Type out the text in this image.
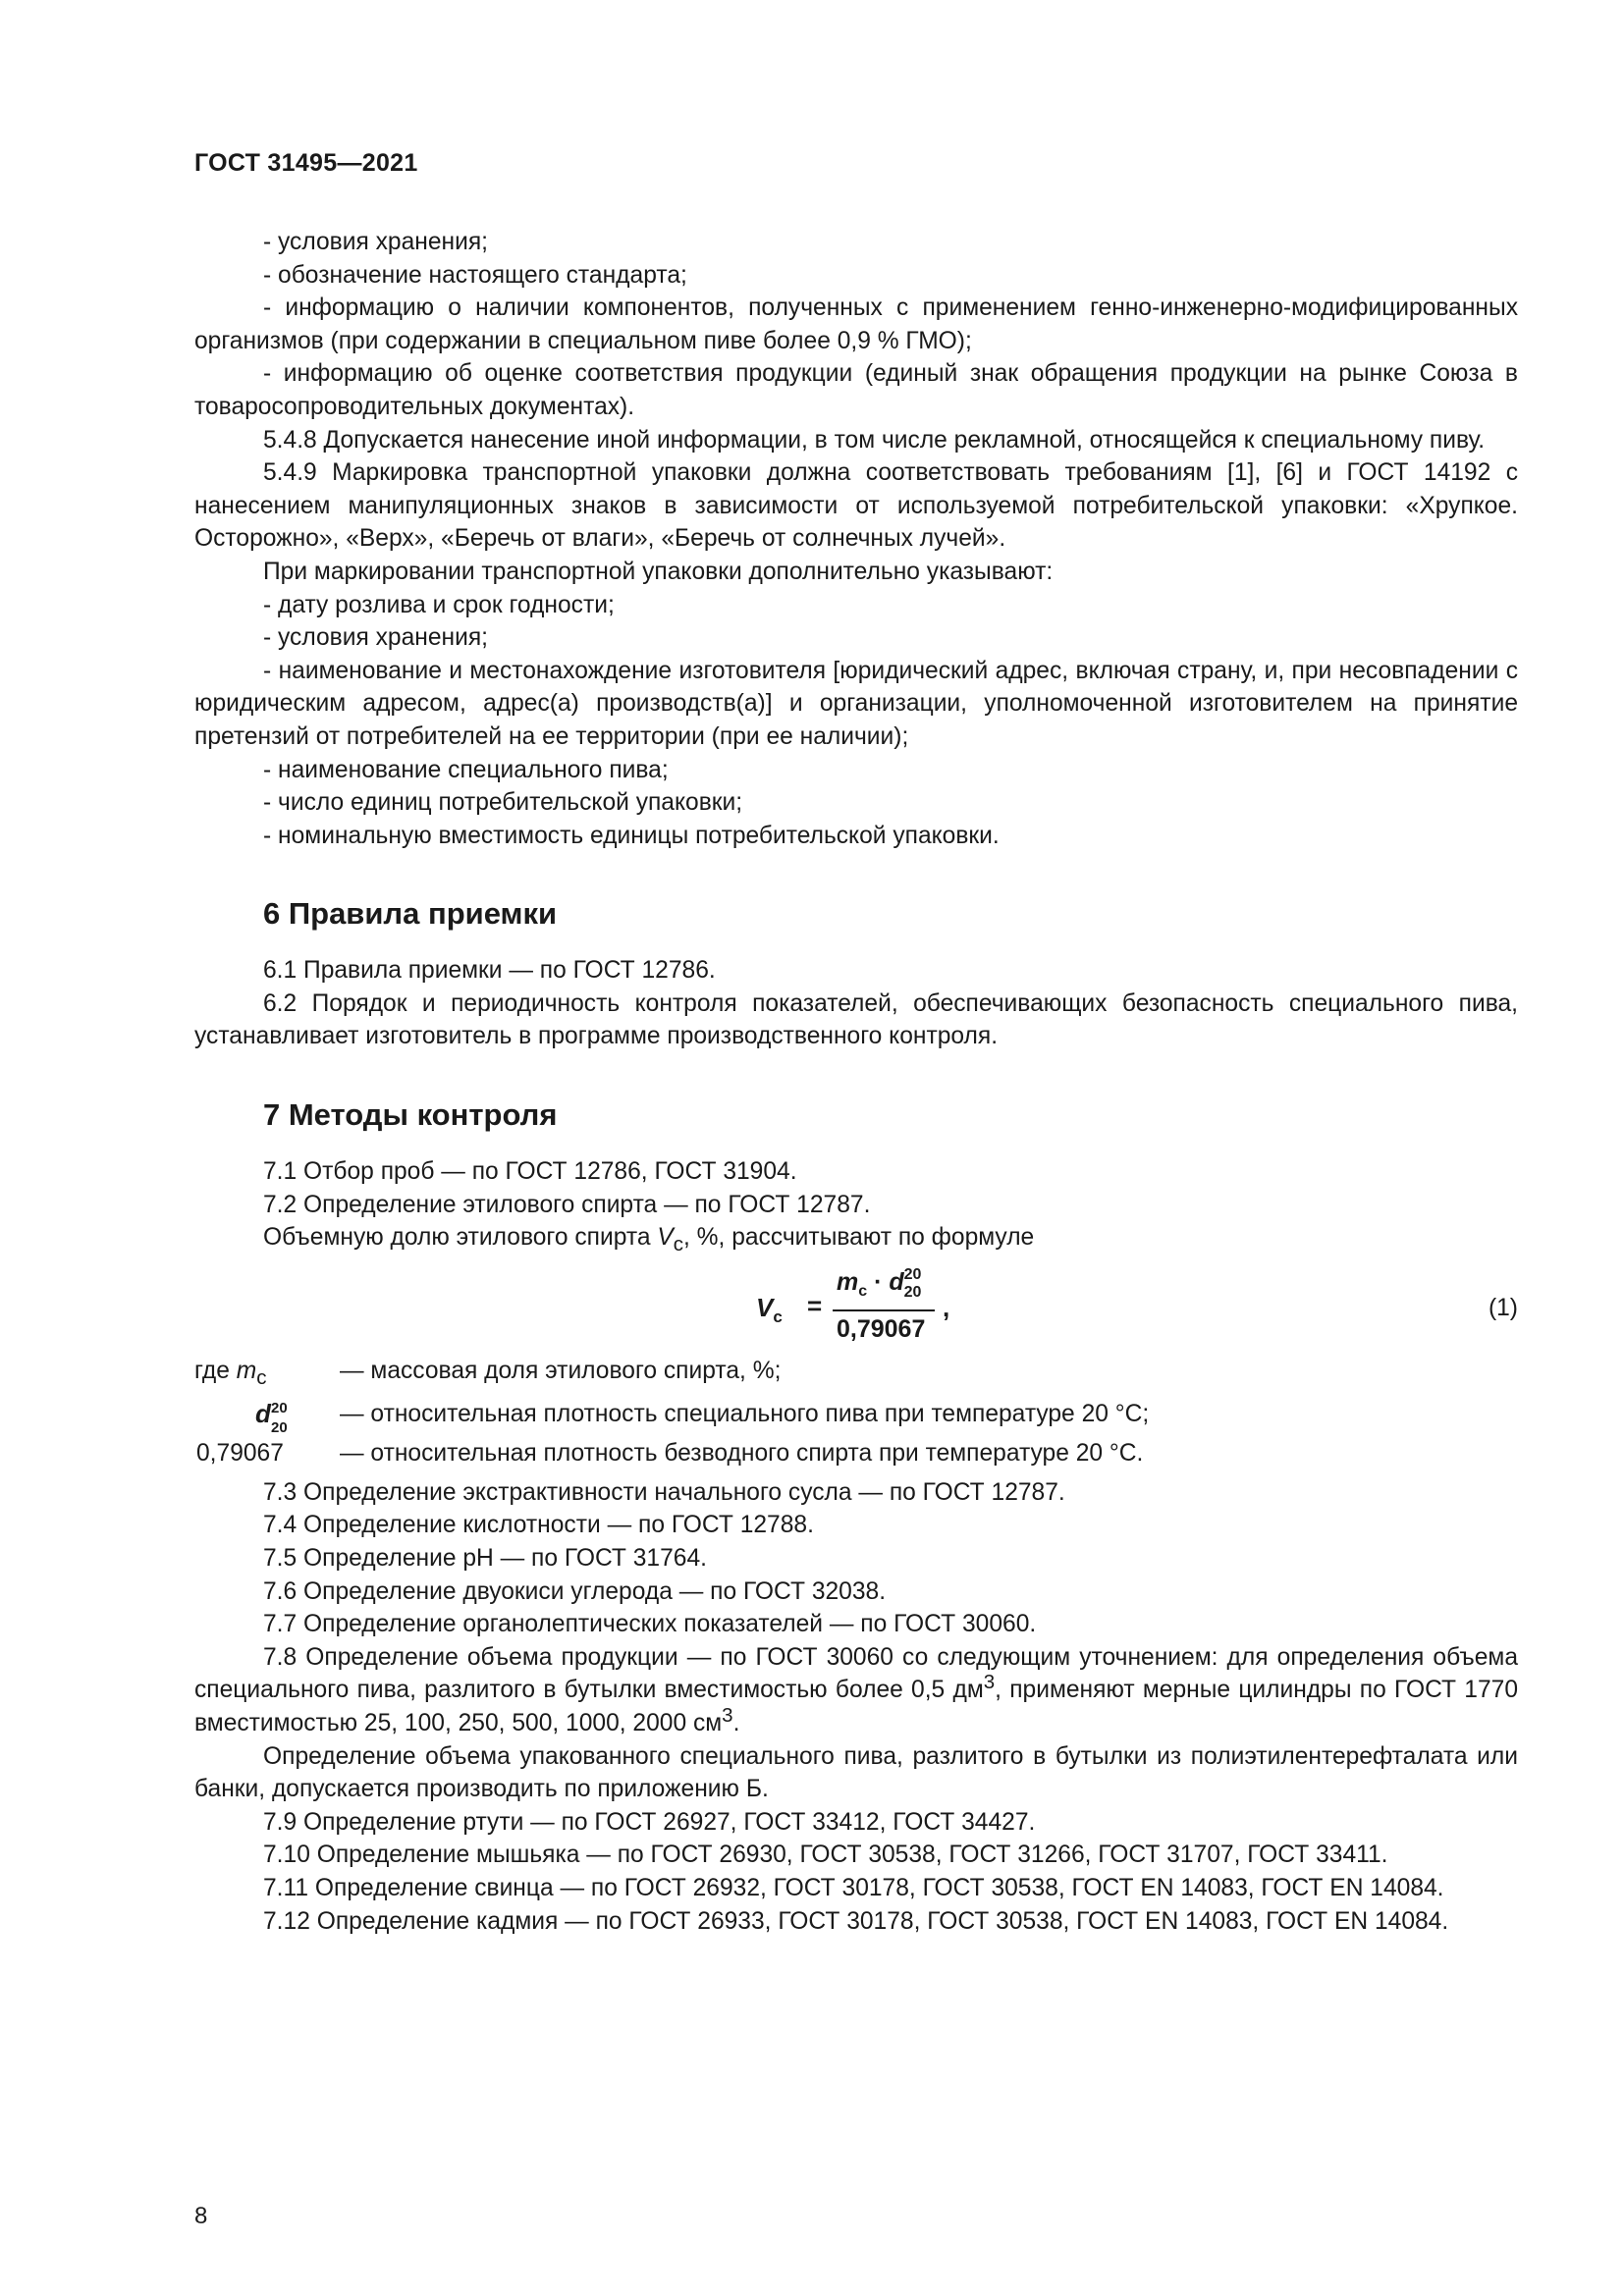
ГОСТ 31495—2021

- условия хранения;

- обозначение настоящего стандарта;

- информацию о наличии компонентов, полученных с применением генно-инженерно-модифицированных организмов (при содержании в специальном пиве более 0,9 % ГМО);

- информацию об оценке соответствия продукции (единый знак обращения продукции на рынке Союза в товаросопроводительных документах).

5.4.8 Допускается нанесение иной информации, в том числе рекламной, относящейся к специальному пиву.

5.4.9 Маркировка транспортной упаковки должна соответствовать требованиям [1], [6] и ГОСТ 14192 с нанесением манипуляционных знаков в зависимости от используемой потребительской упаковки: «Хрупкое. Осторожно», «Верх», «Беречь от влаги», «Беречь от солнечных лучей».

При маркировании транспортной упаковки дополнительно указывают:

- дату розлива и срок годности;

- условия хранения;

- наименование и местонахождение изготовителя [юридический адрес, включая страну, и, при несовпадении с юридическим адресом, адрес(а) производств(а)] и организации, уполномоченной изготовителем на принятие претензий от потребителей на ее территории (при ее наличии);

- наименование специального пива;

- число единиц потребительской упаковки;

- номинальную вместимость единицы потребительской упаковки.

6 Правила приемки

6.1 Правила приемки — по ГОСТ 12786.

6.2 Порядок и периодичность контроля показателей, обеспечивающих безопасность специального пива, устанавливает изготовитель в программе производственного контроля.

7 Методы контроля

7.1 Отбор проб — по ГОСТ 12786, ГОСТ 31904.

7.2 Определение этилового спирта — по ГОСТ 12787.

Объемную долю этилового спирта $V_с$, %, рассчитывают по формуле

$V_с$ =
$m_с \cdot d$ 20
20
0,79067
,	(1)
где $m_с$	— массовая доля этилового спирта, %;
d 20
20
— относительная плотность специального пива при температуре 20 °С;
0,79067 — относительная плотность безводного спирта при температуре 20 °С.

7.3 Определение экстрактивности начального сусла — по ГОСТ 12787.

7.4 Определение кислотности — по ГОСТ 12788.

7.5 Определение рН — по ГОСТ 31764.

7.6 Определение двуокиси углерода — по ГОСТ 32038.

7.7 Определение органолептических показателей — по ГОСТ 30060.

7.8 Определение объема продукции — по ГОСТ 30060 со следующим уточнением: для определения объема специального пива, разлитого в бутылки вместимостью более 0,5 $дм^3$, применяют мерные цилиндры по ГОСТ 1770 вместимостью 25, 100, 250, 500, 1000, 2000 $см^3$.

Определение объема упакованного специального пива, разлитого в бутылки из полиэтилентерефталата или банки, допускается производить по приложению Б.

7.9 Определение ртути — по ГОСТ 26927, ГОСТ 33412, ГОСТ 34427.

7.10 Определение мышьяка — по ГОСТ 26930, ГОСТ 30538, ГОСТ 31266, ГОСТ 31707, ГОСТ 33411.

7.11 Определение свинца — по ГОСТ 26932, ГОСТ 30178, ГОСТ 30538, ГОСТ EN 14083, ГОСТ EN 14084.

7.12 Определение кадмия — по ГОСТ 26933, ГОСТ 30178, ГОСТ 30538, ГОСТ EN 14083, ГОСТ EN 14084.

8
